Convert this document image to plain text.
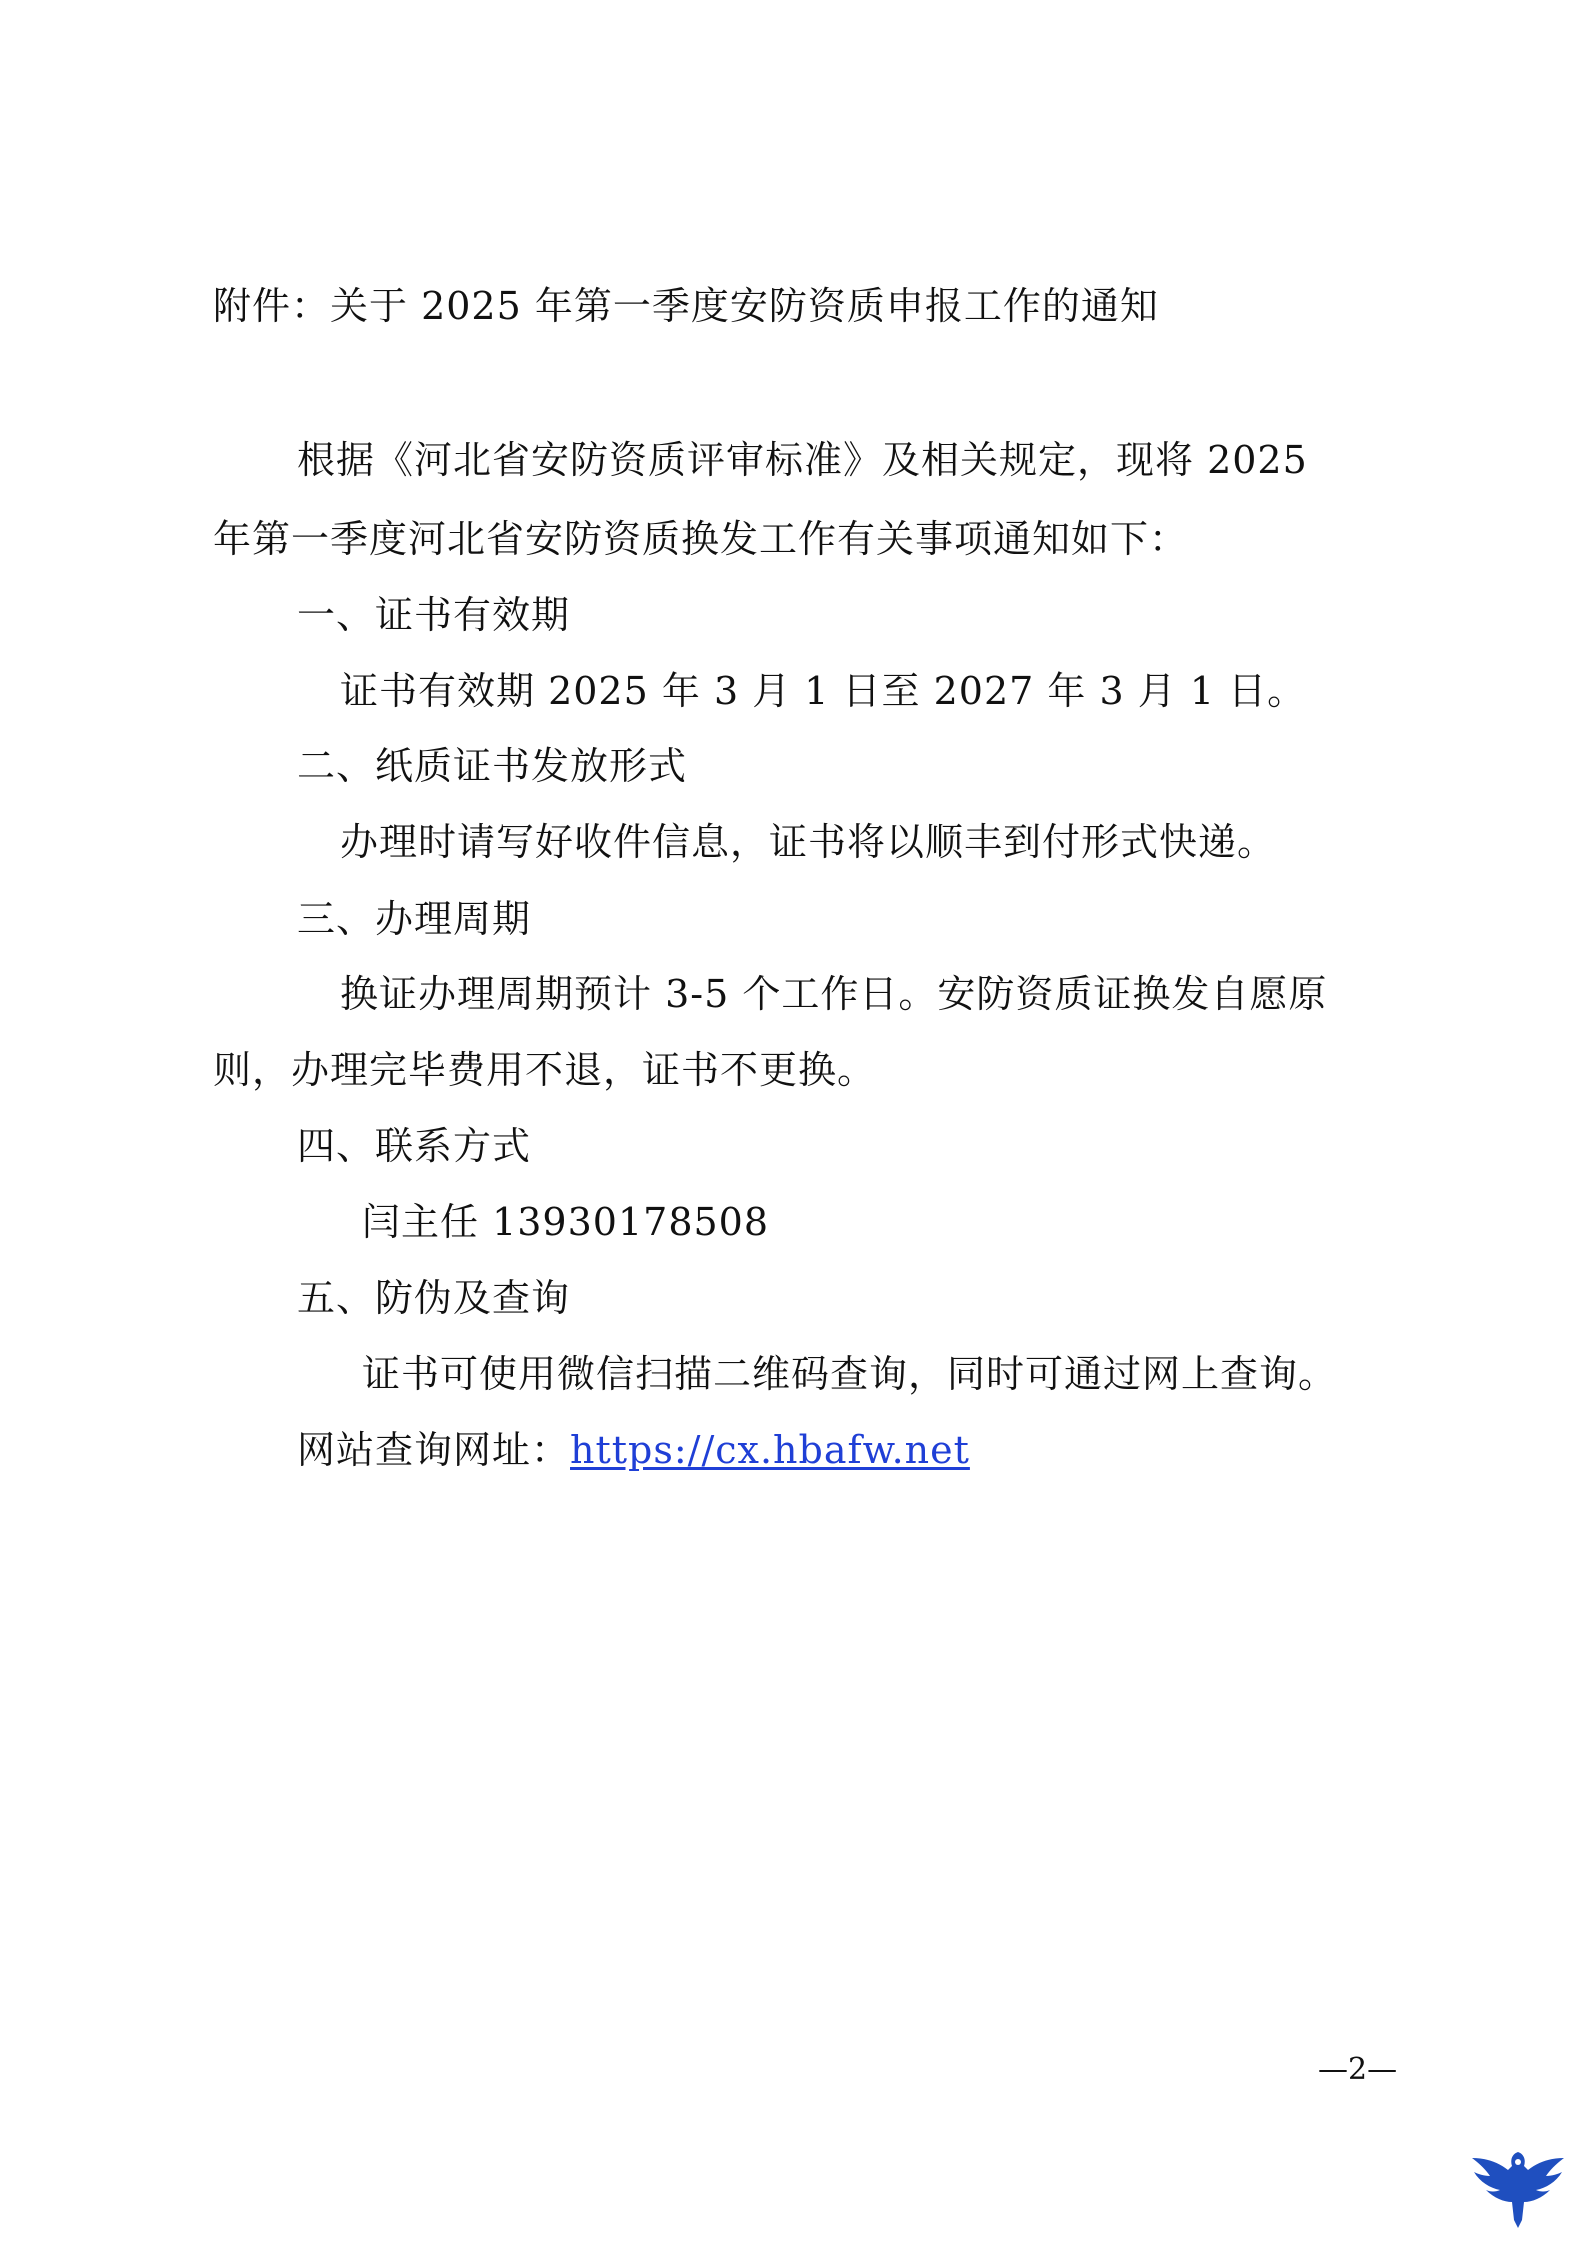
附件：关于 2025 年第一季度安防资质申报工作的通知
根据《河北省安防资质评审标准》及相关规定，现将 2025
年第一季度河北省安防资质换发工作有关事项通知如下：
一、证书有效期
证书有效期 2025 年 3 月 1 日至 2027 年 3 月 1 日。
二、纸质证书发放形式
办理时请写好收件信息，证书将以顺丰到付形式快递。
三、办理周期
换证办理周期预计 3-5 个工作日。安防资质证换发自愿原
则，办理完毕费用不退，证书不更换。
四、联系方式
闫主任 13930178508
五、防伪及查询
证书可使用微信扫描二维码查询，同时可通过网上查询。
网站查询网址：https://cx.hbafw.net
—2—
